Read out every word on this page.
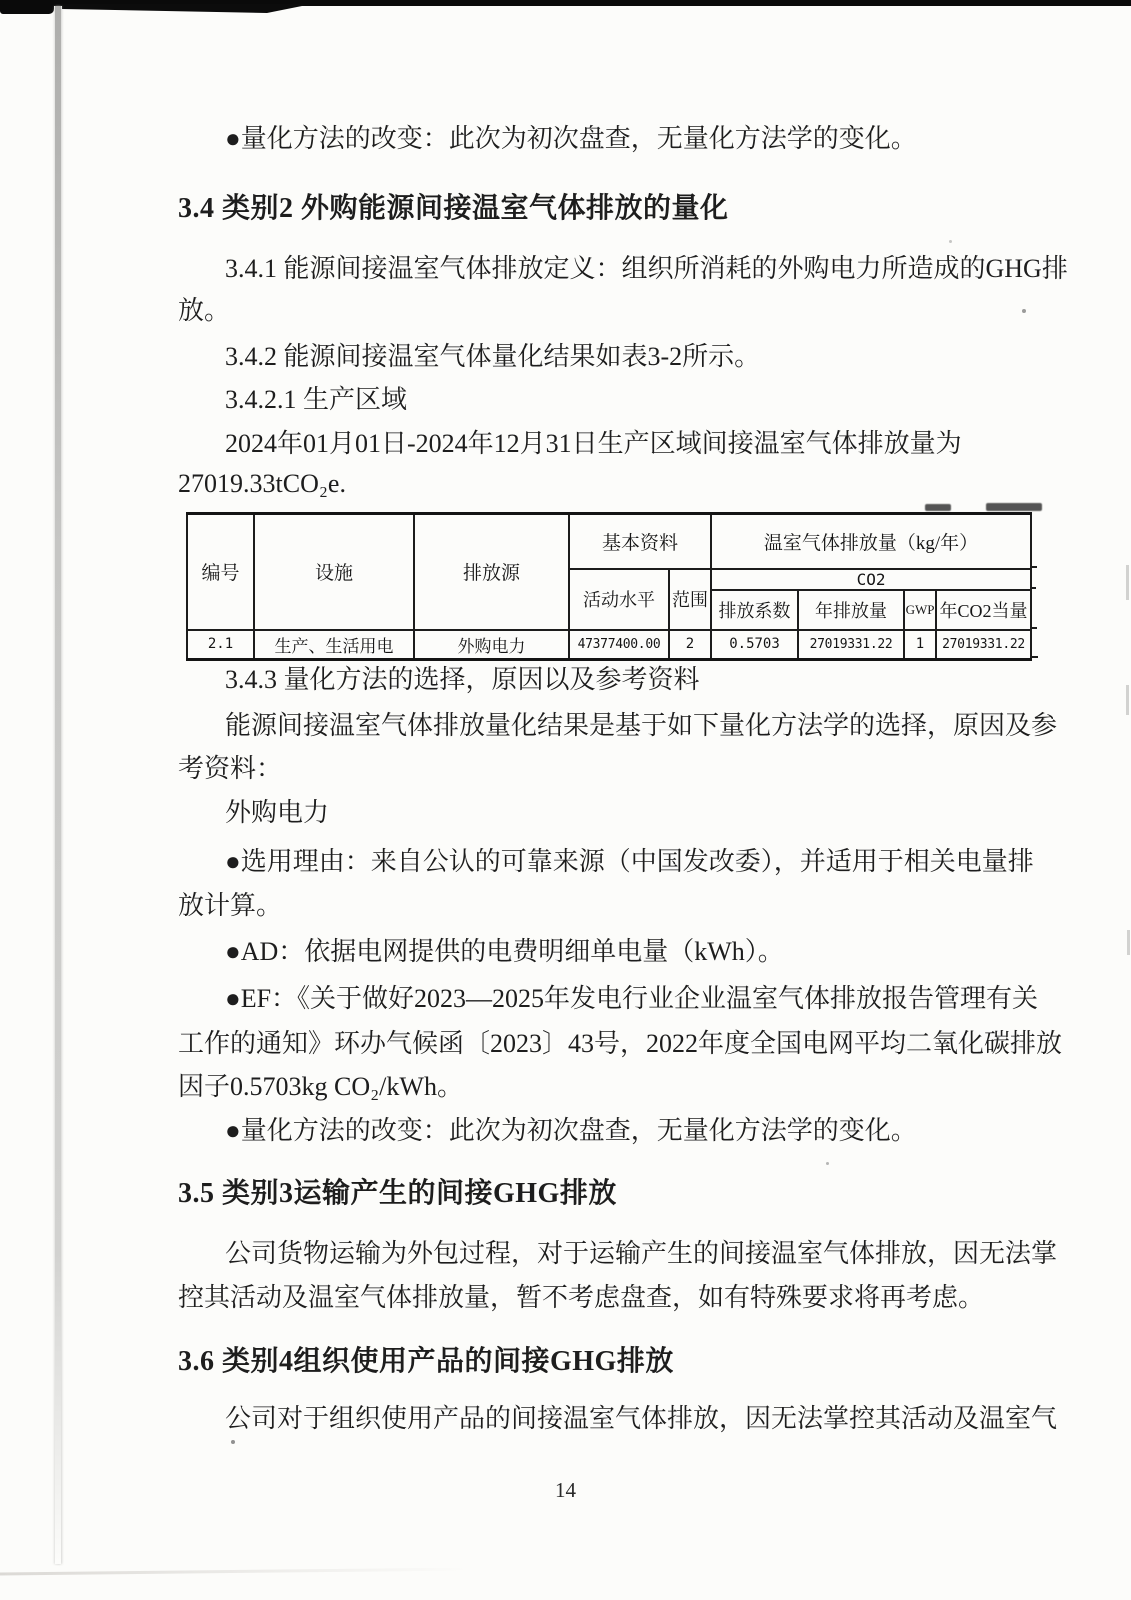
●量化方法的改变：此次为初次盘查，无量化方法学的变化。
3.4 类别2 外购能源间接温室气体排放的量化
3.4.1 能源间接温室气体排放定义：组织所消耗的外购电力所造成的GHG排
放。
3.4.2 能源间接温室气体量化结果如表3-2所示。
3.4.2.1 生产区域
2024年01月01日-2024年12月31日生产区域间接温室气体排放量为
27019.33tCO₂e.
编号	设施	排放源	基本资料		温室气体排放量（kg/年）			
			活动水平	范围	CO2			
					排放系数	年排放量	GWP	年CO2当量
2.1	生产、生活用电	外购电力	47377400.00	2	0.5703	27019331.22	1	27019331.22
3.4.3 量化方法的选择，原因以及参考资料
能源间接温室气体排放量化结果是基于如下量化方法学的选择，原因及参
考资料：
外购电力
●选用理由：来自公认的可靠来源（中国发改委），并适用于相关电量排
放计算。
●AD：依据电网提供的电费明细单电量（kWh）。
●EF：《关于做好2023—2025年发电行业企业温室气体排放报告管理有关
工作的通知》环办气候函〔2023〕43号，2022年度全国电网平均二氧化碳排放
因子0.5703kg CO₂/kWh。
●量化方法的改变：此次为初次盘查，无量化方法学的变化。
3.5 类别3运输产生的间接GHG排放
公司货物运输为外包过程，对于运输产生的间接温室气体排放，因无法掌
控其活动及温室气体排放量，暂不考虑盘查，如有特殊要求将再考虑。
3.6 类别4组织使用产品的间接GHG排放
公司对于组织使用产品的间接温室气体排放，因无法掌控其活动及温室气
14
